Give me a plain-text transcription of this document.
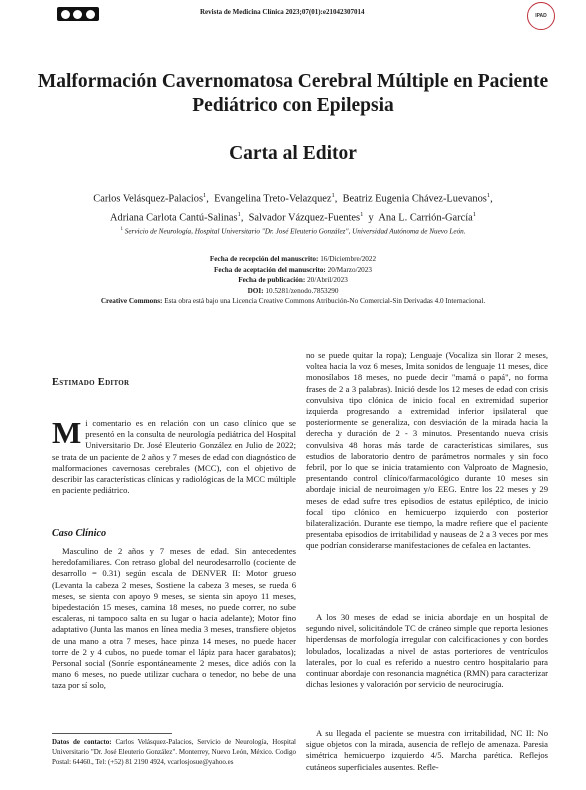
Revista de Medicina Clínica 2023;07(01):e21042307014	IPAD
Malformación Cavernomatosa Cerebral Múltiple en Paciente Pediátrico con Epilepsia
Carta al Editor
Carlos Velásquez-Palacios$^1$,  Evangelina Treto-Velazquez$^1$,  Beatriz Eugenia Chávez-Luevanos$^1$,
Adriana Carlota Cantú-Salinas$^1$,  Salvador Vázquez-Fuentes$^1$ y Ana L. Carrión-García$^1$
$^1$ Servicio de Neurología, Hospital Universitario "Dr. José Eleuterio González", Universidad Autónoma de Nuevo León.
Fecha de recepción del manuscrito: 16/Diciembre/2022
Fecha de aceptación del manuscrito: 20/Marzo/2023
Fecha de publicación: 20/Abril/2023
DOI: 10.5281/zenodo.7853290
Creative Commons: Esta obra está bajo una Licencia Creative Commons Atribución-No Comercial-Sin Derivadas 4.0 Internacional.
Estimado Editor
Mi comentario es en relación con un caso clínico que se presentó en la consulta de neurología pediátrica del Hospital Universitario Dr. José Eleuterio González en Julio de 2022; se trata de un paciente de 2 años y 7 meses de edad con diagnóstico de malformaciones cavernosas cerebrales (MCC), con el objetivo de describir las características clínicas y radiológicas de la MCC múltiple en paciente pediátrico.
Caso Clínico
Masculino de 2 años y 7 meses de edad. Sin antecedentes heredofamiliares. Con retraso global del neurodesarrollo (cociente de desarrollo = 0.31) según escala de DENVER II: Motor grueso (Levanta la cabeza 2 meses, Sostiene la cabeza 3 meses, se rueda 6 meses, se sienta con apoyo 9 meses, se sienta sin apoyo 11 meses, bipedestación 15 meses, camina 18 meses, no puede correr, no sube escaleras, ni tampoco salta en su lugar o hacia adelante); Motor fino adaptativo (Junta las manos en línea media 3 meses, transfiere objetos de una mano a otra 7 meses, hace pinza 14 meses, no puede hacer torre de 2 y 4 cubos, no puede tomar el lápiz para hacer garabatos); Personal social (Sonríe espontáneamente 2 meses, dice adiós con la mano 6 meses, no puede utilizar cuchara o tenedor, no bebe de una taza por sí solo,
Datos de contacto: Carlos Velásquez-Palacios, Servicio de Neurología, Hospital Universitario "Dr. José Eleuterio González". Monterrey, Nuevo León, México. Codigo Postal: 64460., Tel: (+52) 81 2190 4924, vcarlosjosue@yahoo.es
no se puede quitar la ropa); Lenguaje (Vocaliza sin llorar 2 meses, voltea hacia la voz 6 meses, Imita sonidos de lenguaje 11 meses, dice monosílabos 18 meses, no puede decir "mamá o papá", no forma frases de 2 a 3 palabras). Inició desde los 12 meses de edad con crisis convulsiva tipo clónica de inicio focal en extremidad superior izquierda progresando a extremidad inferior ipsilateral que posteriormente se generaliza, con desviación de la mirada hacia la derecha y duración de 2 - 3 minutos. Presentando nueva crisis convulsiva 48 horas más tarde de características similares, sus estudios de laboratorio dentro de parámetros normales y sin foco febril, por lo que se inicia tratamiento con Valproato de Magnesio, presentando control clínico/farmacológico durante 10 meses sin abordaje inicial de neuroimagen y/o EEG. Entre los 22 meses y 29 meses de edad sufre tres episodios de estatus epiléptico, de inicio focal tipo clónico en hemicuerpo izquierdo con posterior bilateralización. Durante ese tiempo, la madre refiere que el paciente presentaba episodios de irritabilidad y nauseas de 2 a 3 veces por mes que podrían considerarse manifestaciones de cefalea en lactantes.
A los 30 meses de edad se inicia abordaje en un hospital de segundo nivel, solicitándole TC de cráneo simple que reporta lesiones hiperdensas de morfología irregular con calcificaciones y con bordes lobulados, localizadas a nivel de astas porteriores de ventrículos laterales, por lo cual es referido a nuestro centro hospitalario para continuar abordaje con resonancia magnética (RMN) para caracterizar dichas lesiones y valoración por servicio de neurocirugía.
A su llegada el paciente se muestra con irritabilidad, NC II: No sigue objetos con la mirada, ausencia de reflejo de amenaza. Paresia simétrica hemicuerpo izquierdo 4/5. Marcha parética. Reflejos cutáneos superficiales ausentes. Refle-
